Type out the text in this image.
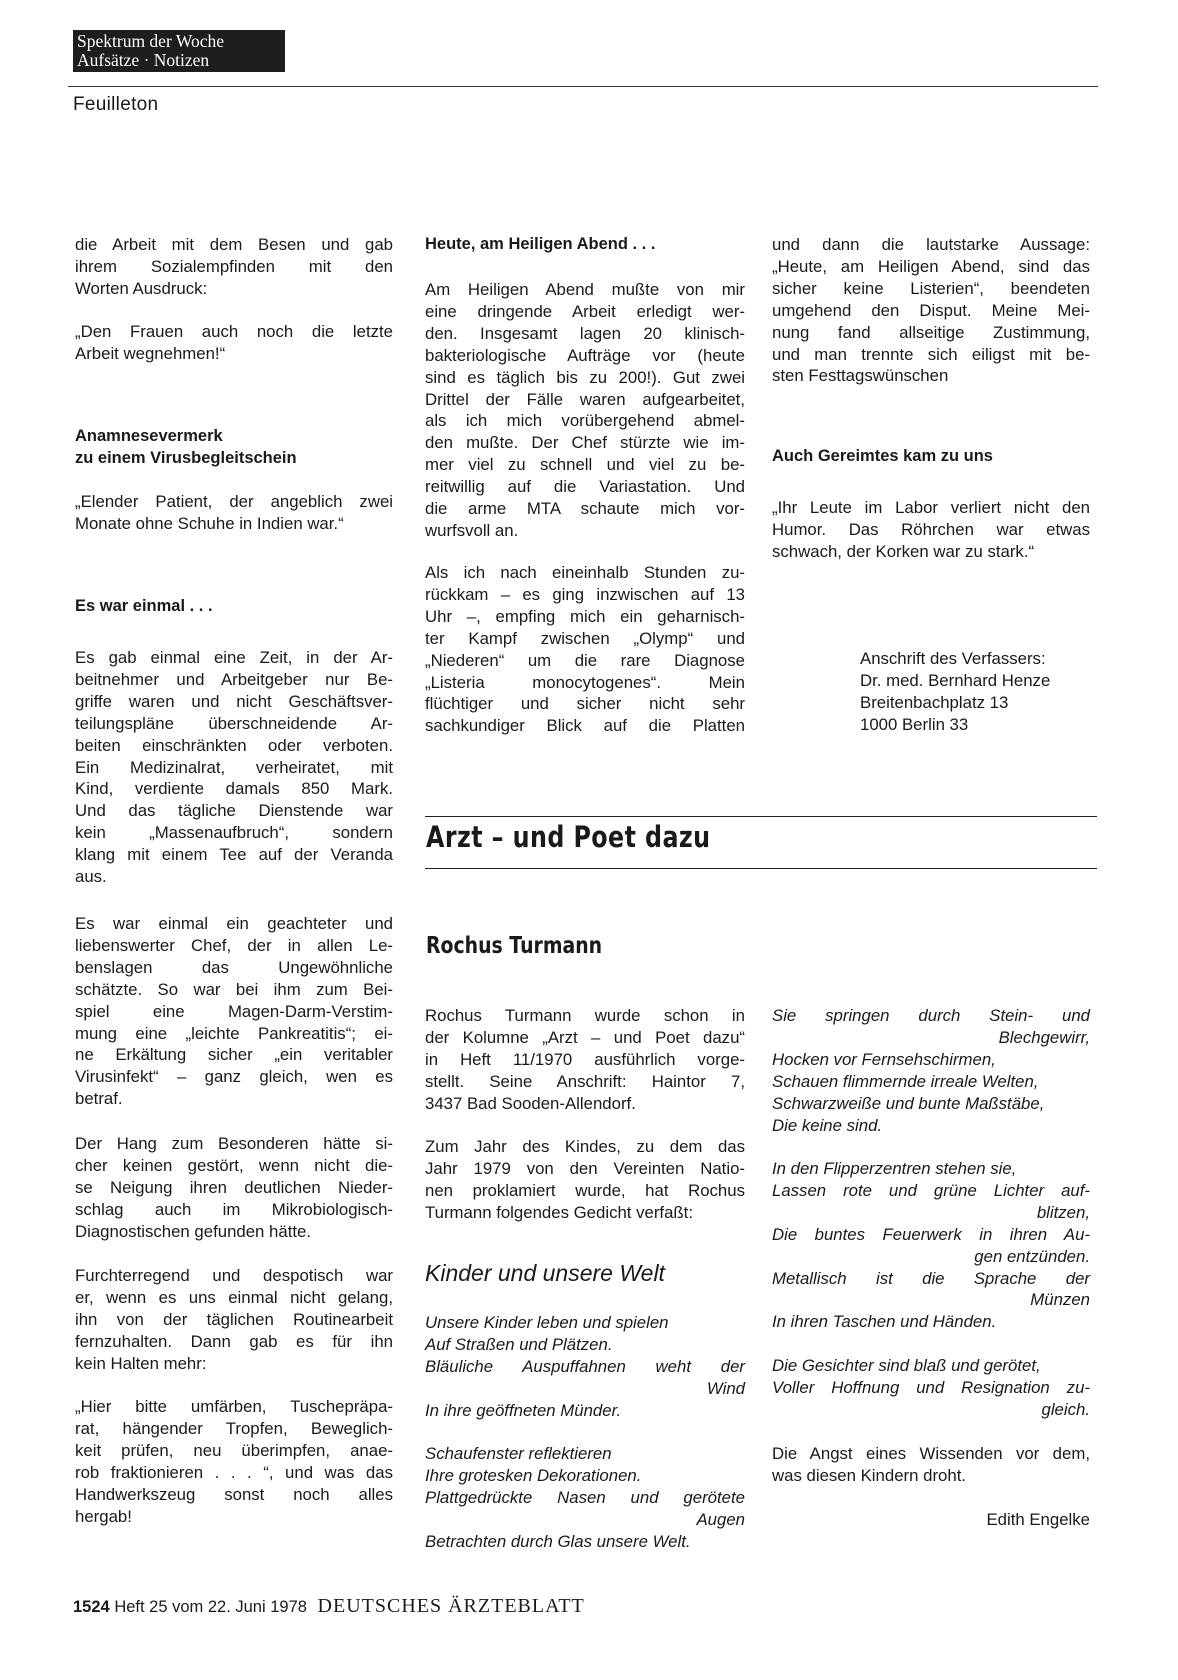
Spektrum der Woche
Aufsätze · Notizen
Feuilleton
die Arbeit mit dem Besen und gab
ihrem Sozialempfinden mit den
Worten Ausdruck:
„Den Frauen auch noch die letzte
Arbeit wegnehmen!“
Anamnesevermerk
zu einem Virusbegleitschein
„Elender Patient, der angeblich zwei
Monate ohne Schuhe in Indien war.“
Es war einmal . . .
Es gab einmal eine Zeit, in der Ar-
beitnehmer und Arbeitgeber nur Be-
griffe waren und nicht Geschäftsver-
teilungspläne überschneidende Ar-
beiten einschränkten oder verboten.
Ein Medizinalrat, verheiratet, mit
Kind, verdiente damals 850 Mark.
Und das tägliche Dienstende war
kein „Massenaufbruch“, sondern
klang mit einem Tee auf der Veranda
aus.
Es war einmal ein geachteter und
liebenswerter Chef, der in allen Le-
benslagen das Ungewöhnliche
schätzte. So war bei ihm zum Bei-
spiel eine Magen-Darm-Verstim-
mung eine „leichte Pankreatitis“; ei-
ne Erkältung sicher „ein veritabler
Virusinfekt“ – ganz gleich, wen es
betraf.
Der Hang zum Besonderen hätte si-
cher keinen gestört, wenn nicht die-
se Neigung ihren deutlichen Nieder-
schlag auch im Mikrobiologisch-
Diagnostischen gefunden hätte.
Furchterregend und despotisch war
er, wenn es uns einmal nicht gelang,
ihn von der täglichen Routinearbeit
fernzuhalten. Dann gab es für ihn
kein Halten mehr:
„Hier bitte umfärben, Tuschepräpa-
rat, hängender Tropfen, Beweglich-
keit prüfen, neu überimpfen, anae-
rob fraktionieren . . . “, und was das
Handwerkszeug sonst noch alles
hergab!
Heute, am Heiligen Abend . . .
Am Heiligen Abend mußte von mir
eine dringende Arbeit erledigt wer-
den. Insgesamt lagen 20 klinisch-
bakteriologische Aufträge vor (heute
sind es täglich bis zu 200!). Gut zwei
Drittel der Fälle waren aufgearbeitet,
als ich mich vorübergehend abmel-
den mußte. Der Chef stürzte wie im-
mer viel zu schnell und viel zu be-
reitwillig auf die Variastation. Und
die arme MTA schaute mich vor-
wurfsvoll an.
Als ich nach eineinhalb Stunden zu-
rückkam – es ging inzwischen auf 13
Uhr –, empfing mich ein geharnisch-
ter Kampf zwischen „Olymp“ und
„Niederen“ um die rare Diagnose
„Listeria monocytogenes“. Mein
flüchtiger und sicher nicht sehr
sachkundiger Blick auf die Platten
und dann die lautstarke Aussage:
„Heute, am Heiligen Abend, sind das
sicher keine Listerien“, beendeten
umgehend den Disput. Meine Mei-
nung fand allseitige Zustimmung,
und man trennte sich eiligst mit be-
sten Festtagswünschen
Auch Gereimtes kam zu uns
„Ihr Leute im Labor verliert nicht den
Humor. Das Röhrchen war etwas
schwach, der Korken war zu stark.“
Anschrift des Verfassers:
Dr. med. Bernhard Henze
Breitenbachplatz 13
1000 Berlin 33
Arzt – und Poet dazu
Rochus Turmann
Rochus Turmann wurde schon in
der Kolumne „Arzt – und Poet dazu“
in Heft 11/1970 ausführlich vorge-
stellt. Seine Anschrift: Haintor 7,
3437 Bad Sooden-Allendorf.
Zum Jahr des Kindes, zu dem das
Jahr 1979 von den Vereinten Natio-
nen proklamiert wurde, hat Rochus
Turmann folgendes Gedicht verfaßt:
Kinder und unsere Welt
Unsere Kinder leben und spielen
Auf Straßen und Plätzen.
Bläuliche Auspuffahnen weht der
Wind
In ihre geöffneten Münder.
Schaufenster reflektieren
Ihre grotesken Dekorationen.
Plattgedrückte Nasen und gerötete
Augen
Betrachten durch Glas unsere Welt.
Sie springen durch Stein- und
Blechgewirr,
Hocken vor Fernsehschirmen,
Schauen flimmernde irreale Welten,
Schwarzweiße und bunte Maßstäbe,
Die keine sind.
In den Flipperzentren stehen sie,
Lassen rote und grüne Lichter auf-
blitzen,
Die buntes Feuerwerk in ihren Au-
gen entzünden.
Metallisch ist die Sprache der
Münzen
In ihren Taschen und Händen.
Die Gesichter sind blaß und gerötet,
Voller Hoffnung und Resignation zu-
gleich.
Die Angst eines Wissenden vor dem,
was diesen Kindern droht.
Edith Engelke
1524 Heft 25 vom 22. Juni 1978 DEUTSCHES ÄRZTEBLATT
